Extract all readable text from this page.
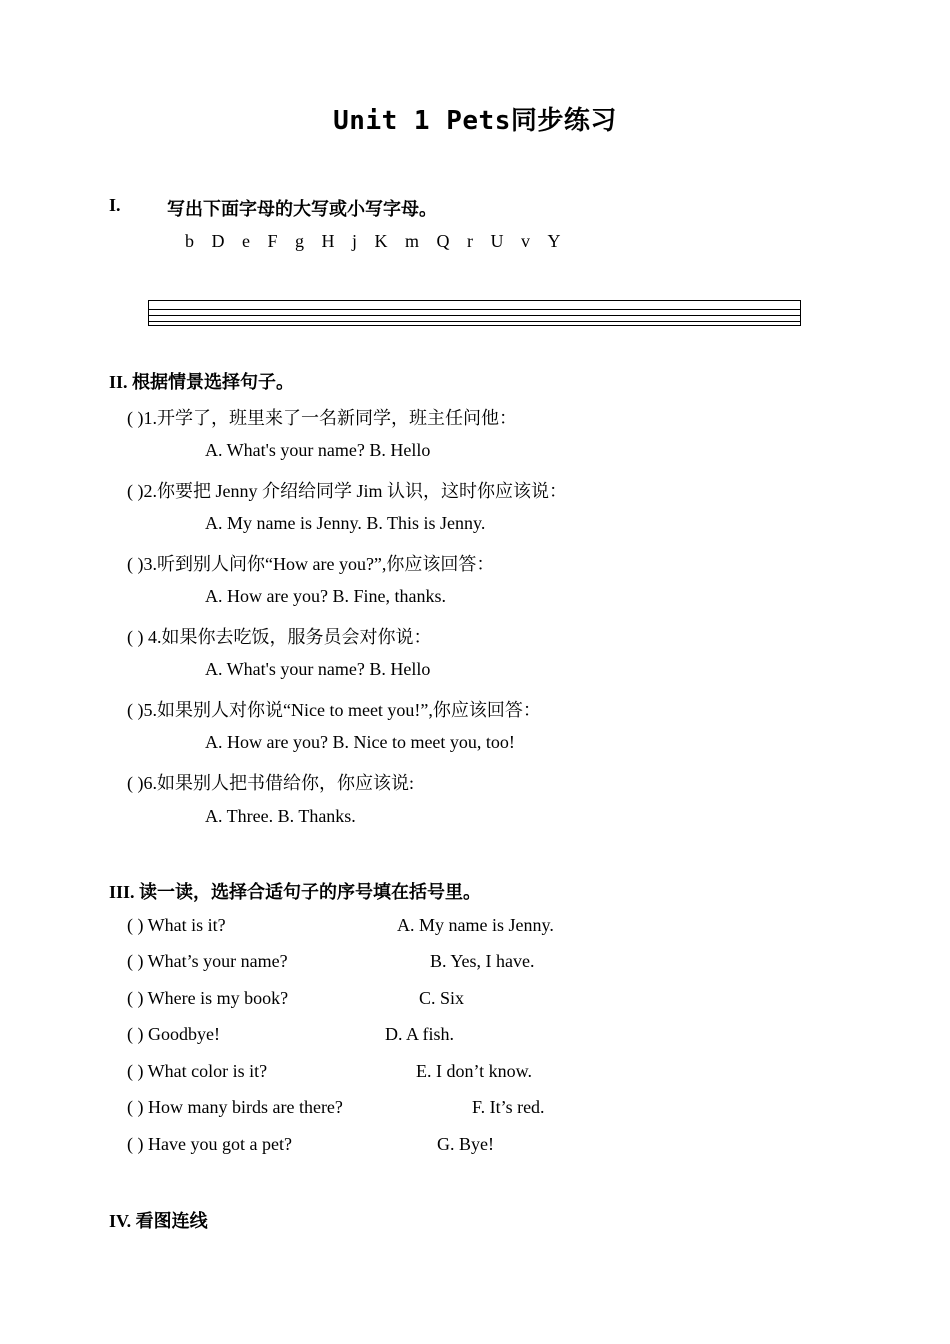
Unit 1 Pets同步练习
I.	写出下面字母的大写或小写字母。
b D e F g H j K m Q r U v Y
II. 根据情景选择句子。
( )1.开学了，班里来了一名新同学，班主任问他：
A. What's your name? B. Hello
( )2.你要把 Jenny 介绍给同学 Jim 认识，这时你应该说：
A. My name is Jenny. B. This is Jenny.
( )3.听到别人问你“How are you?”,你应该回答：
A. How are you? B. Fine, thanks.
( ) 4.如果你去吃饭，服务员会对你说：
A. What's your name? B. Hello
( )5.如果别人对你说“Nice to meet you!”,你应该回答：
A. How are you? B. Nice to meet you, too!
( )6.如果别人把书借给你，你应该说:
A. Three. B. Thanks.
III. 读一读，选择合适句子的序号填在括号里。
( ) What is it?	A. My name is Jenny.
( ) What’s your name?	B. Yes, I have.
( ) Where is my book?	C. Six
( ) Goodbye!	D. A fish.
( ) What color is it?	E. I don’t know.
( ) How many birds are there?	F. It’s red.
( ) Have you got a pet?	G. Bye!
IV. 看图连线
